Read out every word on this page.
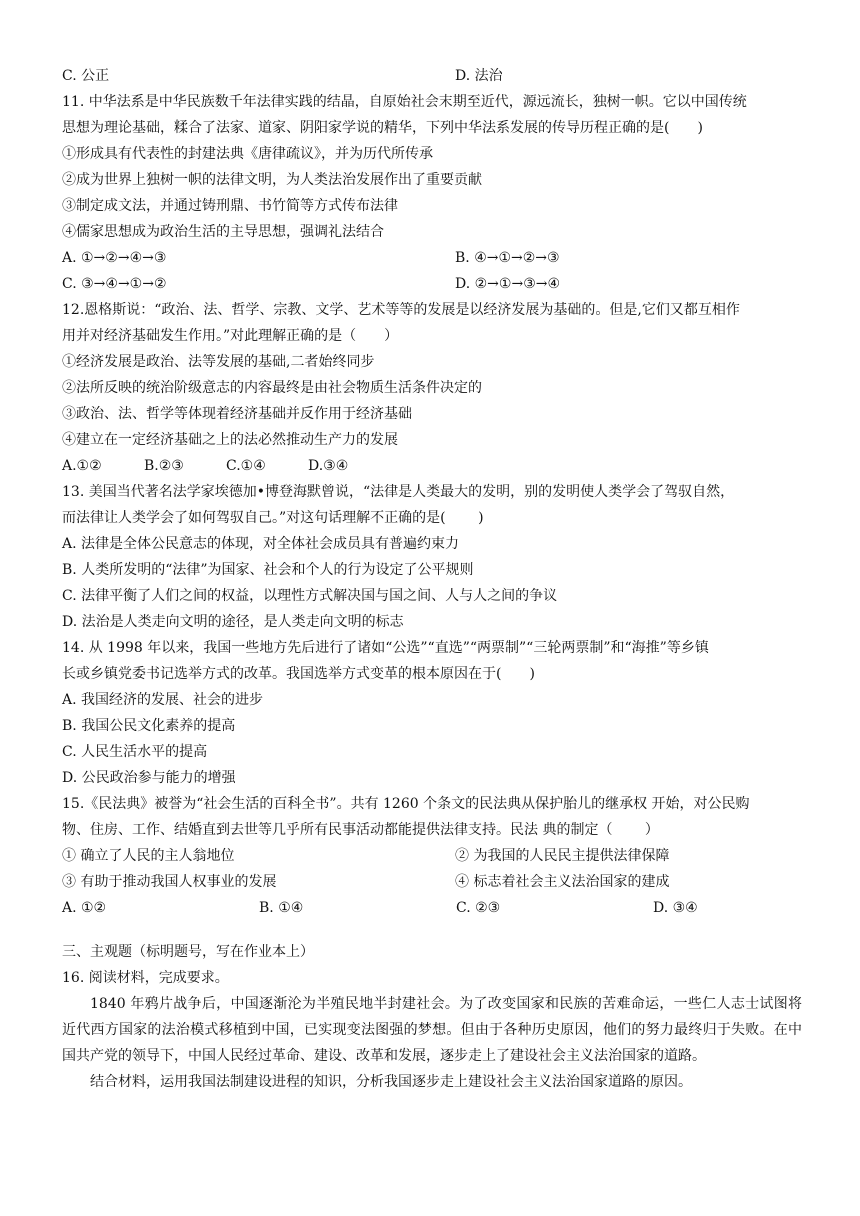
C. 公正	D. 法治
11. 中华法系是中华民族数千年法律实践的结晶，自原始社会末期至近代，源远流长，独树一帜。它以中国传统
思想为理论基础，糅合了法家、道家、阴阳家学说的精华，下列中华法系发展的传导历程正确的是(　　)
①形成具有代表性的封建法典《唐律疏议》，并为历代所传承
②成为世界上独树一帜的法律文明，为人类法治发展作出了重要贡献
③制定成文法，并通过铸刑鼎、书竹简等方式传布法律
④儒家思想成为政治生活的主导思想，强调礼法结合
A. ①→②→④→③	B. ④→①→②→③
C. ③→④→①→②	D. ②→①→③→④
12.恩格斯说：“政治、法、哲学、宗教、文学、艺术等等的发展是以经济发展为基础的。但是,它们又都互相作
用并对经济基础发生作用。”对此理解正确的是（　　）
①经济发展是政治、法等发展的基础,二者始终同步
②法所反映的统治阶级意志的内容最终是由社会物质生活条件决定的
③政治、法、哲学等体现着经济基础并反作用于经济基础
④建立在一定经济基础之上的法必然推动生产力的发展
A.①②	B.②③	C.①④	D.③④
13. 美国当代著名法学家埃德加•博登海默曾说，“法律是人类最大的发明，别的发明使人类学会了驾驭自然，
而法律让人类学会了如何驾驭自己。”对这句话理解不正确的是(　　 )
A. 法律是全体公民意志的体现，对全体社会成员具有普遍约束力
B. 人类所发明的“法律”为国家、社会和个人的行为设定了公平规则
C. 法律平衡了人们之间的权益，以理性方式解决国与国之间、人与人之间的争议
D. 法治是人类走向文明的途径，是人类走向文明的标志
14. 从 1998 年以来，我国一些地方先后进行了诸如“公选”“直选”“两票制”“三轮两票制”和“海推”等乡镇
长或乡镇党委书记选举方式的改革。我国选举方式变革的根本原因在于(　　)
A. 我国经济的发展、社会的进步
B. 我国公民文化素养的提高
C. 人民生活水平的提高
D. 公民政治参与能力的增强
15.《民法典》被誉为“社会生活的百科全书”。共有 1260 个条文的民法典从保护胎儿的继承权 开始，对公民购
物、住房、工作、结婚直到去世等几乎所有民事活动都能提供法律支持。民法 典的制定（　　 ）
① 确立了人民的主人翁地位	② 为我国的人民民主提供法律保障
③ 有助于推动我国人权事业的发展	④ 标志着社会主义法治国家的建成
A. ①②	B. ①④	C. ②③	D. ③④
三、主观题（标明题号，写在作业本上）
16. 阅读材料，完成要求。
1840 年鸦片战争后，中国逐渐沦为半殖民地半封建社会。为了改变国家和民族的苦难命运，一些仁人志士试图将近代西方国家的法治模式移植到中国，已实现变法图强的梦想。但由于各种历史原因，他们的努力最终归于失败。在中国共产党的领导下，中国人民经过革命、建设、改革和发展，逐步走上了建设社会主义法治国家的道路。
结合材料，运用我国法制建设进程的知识，分析我国逐步走上建设社会主义法治国家道路的原因。
